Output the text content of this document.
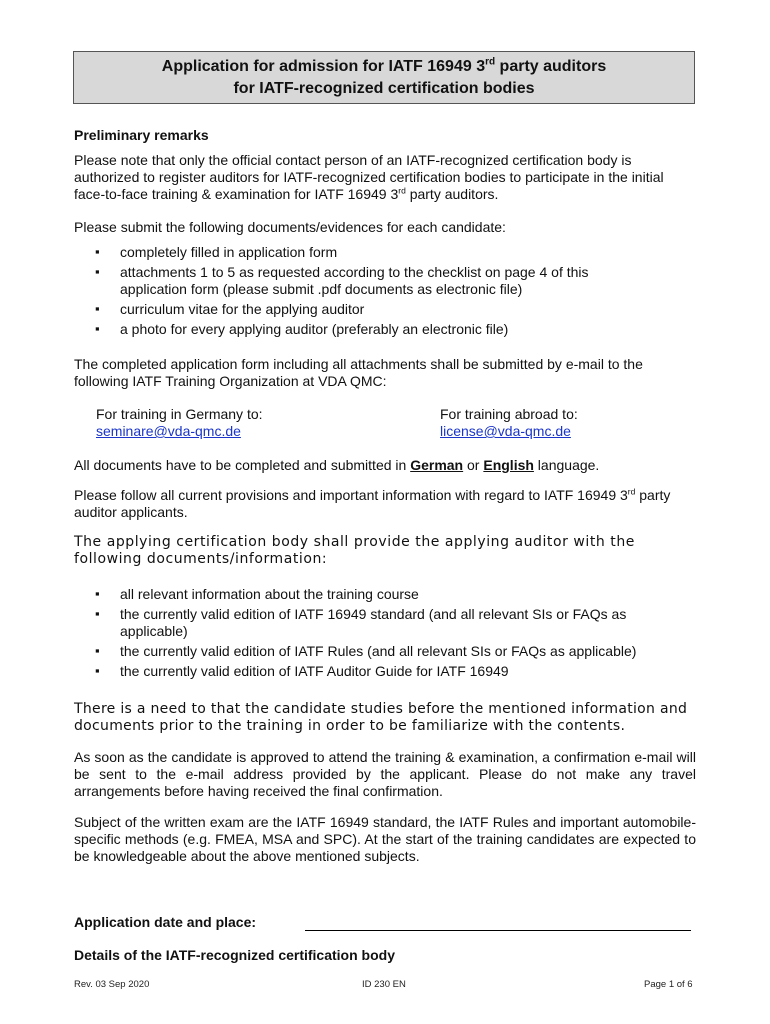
Application for admission for IATF 16949 3rd party auditors
for IATF-recognized certification bodies
Preliminary remarks
Please note that only the official contact person of an IATF-recognized certification body is authorized to register auditors for IATF-recognized certification bodies to participate in the initial face-to-face training & examination for IATF 16949 3rd party auditors.
Please submit the following documents/evidences for each candidate:
▪ completely filled in application form
▪ attachments 1 to 5 as requested according to the checklist on page 4 of this application form (please submit .pdf documents as electronic file)
▪ curriculum vitae for the applying auditor
▪ a photo for every applying auditor (preferably an electronic file)
The completed application form including all attachments shall be submitted by e-mail to the following IATF Training Organization at VDA QMC:
For training in Germany to:
seminare@vda-qmc.de
For training abroad to:
license@vda-qmc.de
All documents have to be completed and submitted in German or English language.
Please follow all current provisions and important information with regard to IATF 16949 3rd party auditor applicants.
The applying certification body shall provide the applying auditor with the following documents/information:
▪ all relevant information about the training course
▪ the currently valid edition of IATF 16949 standard (and all relevant SIs or FAQs as applicable)
▪ the currently valid edition of IATF Rules (and all relevant SIs or FAQs as applicable)
▪ the currently valid edition of IATF Auditor Guide for IATF 16949
There is a need to that the candidate studies before the mentioned information and documents prior to the training in order to be familiarize with the contents.
As soon as the candidate is approved to attend the training & examination, a confirmation e-mail will be sent to the e-mail address provided by the applicant. Please do not make any travel arrangements before having received the final confirmation.
Subject of the written exam are the IATF 16949 standard, the IATF Rules and important automobile-specific methods (e.g. FMEA, MSA and SPC). At the start of the training candidates are expected to be knowledgeable about the above mentioned subjects.
Application date and place:
Details of the IATF-recognized certification body
Rev. 03 Sep 2020	ID 230 EN	Page 1 of 6
